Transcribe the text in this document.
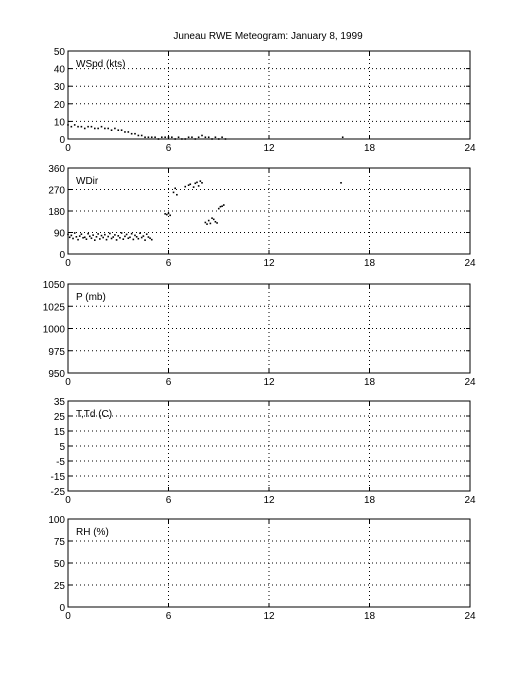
Juneau RWE Meteogram: January 8, 1999
0	6	12	18	24
0
10
20
30
40
50
WSpd (kts)
0	6	12	18	24
0
90
180
270
360
WDir
0	6	12	18	24
950
975
1000
1025
1050
P (mb)
0	6	12	18	24
-25
-15
-5
5
15
25
35
T,Td (C)
0	6	12	18	24
0
25
50
75
100
RH (%)
